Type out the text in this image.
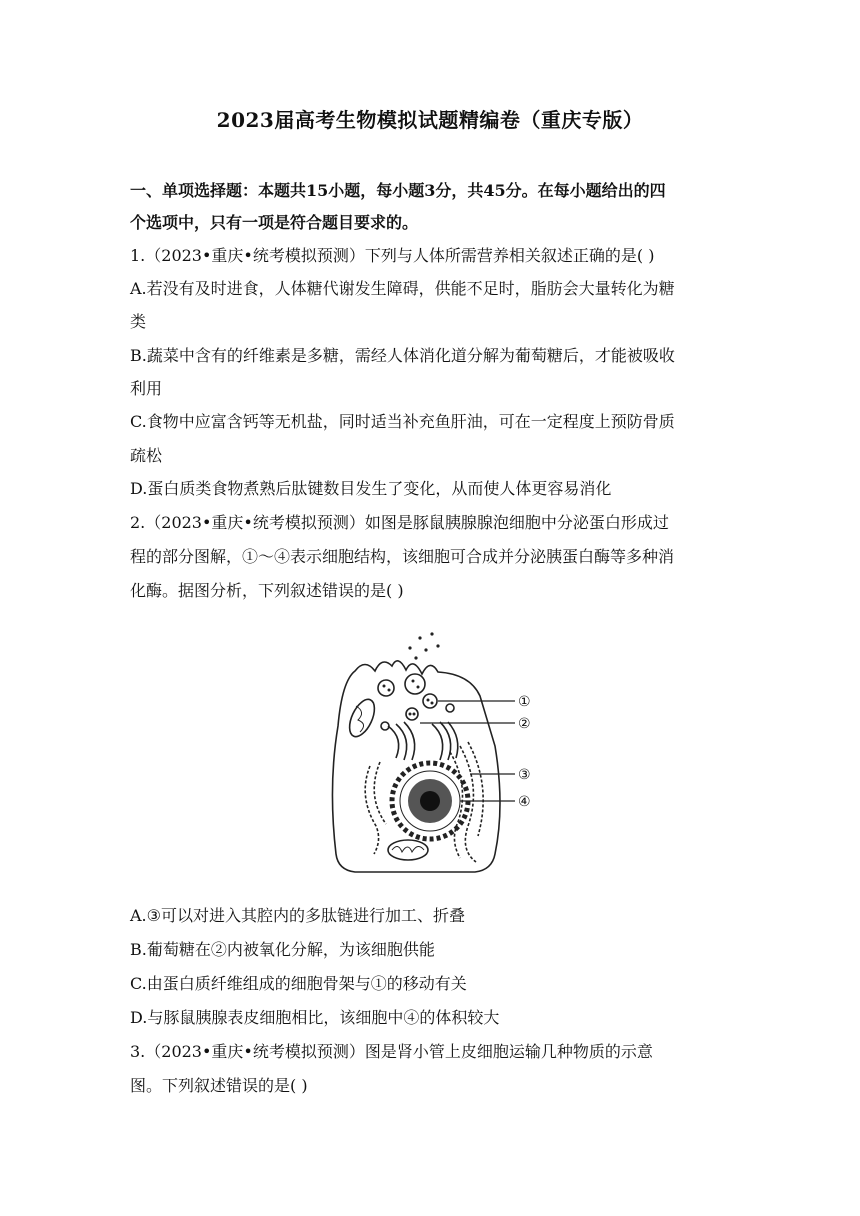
2023届高考生物模拟试题精编卷（重庆专版）
一、单项选择题：本题共15小题，每小题3分，共45分。在每小题给出的四
个选项中，只有一项是符合题目要求的。
1.（2023•重庆•统考模拟预测）下列与人体所需营养相关叙述正确的是( )
A.若没有及时进食，人体糖代谢发生障碍，供能不足时，脂肪会大量转化为糖
类
B.蔬菜中含有的纤维素是多糖，需经人体消化道分解为葡萄糖后，才能被吸收
利用
C.食物中应富含钙等无机盐，同时适当补充鱼肝油，可在一定程度上预防骨质
疏松
D.蛋白质类食物煮熟后肽键数目发生了变化，从而使人体更容易消化
2.（2023•重庆•统考模拟预测）如图是豚鼠胰腺腺泡细胞中分泌蛋白形成过
程的部分图解，①～④表示细胞结构，该细胞可合成并分泌胰蛋白酶等多种消
化酶。据图分析，下列叙述错误的是( )
①
②
③
④
A.③可以对进入其腔内的多肽链进行加工、折叠
B.葡萄糖在②内被氧化分解，为该细胞供能
C.由蛋白质纤维组成的细胞骨架与①的移动有关
D.与豚鼠胰腺表皮细胞相比，该细胞中④的体积较大
3.（2023•重庆•统考模拟预测）图是肾小管上皮细胞运输几种物质的示意
图。下列叙述错误的是( )
